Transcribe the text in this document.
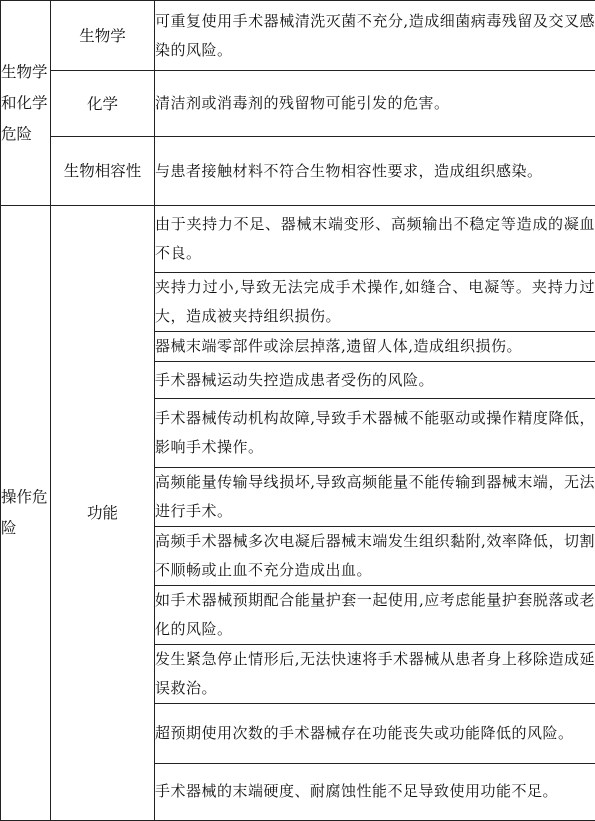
生物学和化学危险	生物学	可重复使用手术器械清洗灭菌不充分,造成细菌病毒残留及交叉感染的风险。

	化学	清洁剂或消毒剂的残留物可能引发的危害。

	生物相容性	与患者接触材料不符合生物相容性要求，造成组织感染。

操作危险	功能	由于夹持力不足、器械末端变形、高频输出不稳定等造成的凝血不良。

		夹持力过小,导致无法完成手术操作,如缝合、电凝等。夹持力过大，造成被夹持组织损伤。

		器械末端零部件或涂层掉落,遗留人体,造成组织损伤。

		手术器械运动失控造成患者受伤的风险。

		手术器械传动机构故障,导致手术器械不能驱动或操作精度降低，影响手术操作。

		高频能量传输导线损坏,导致高频能量不能传输到器械末端，无法进行手术。

		高频手术器械多次电凝后器械末端发生组织黏附,效率降低，切割不顺畅或止血不充分造成出血。

		如手术器械预期配合能量护套一起使用,应考虑能量护套脱落或老化的风险。

		发生紧急停止情形后,无法快速将手术器械从患者身上移除造成延误救治。

		超预期使用次数的手术器械存在功能丧失或功能降低的风险。

		手术器械的末端硬度、耐腐蚀性能不足导致使用功能不足。
